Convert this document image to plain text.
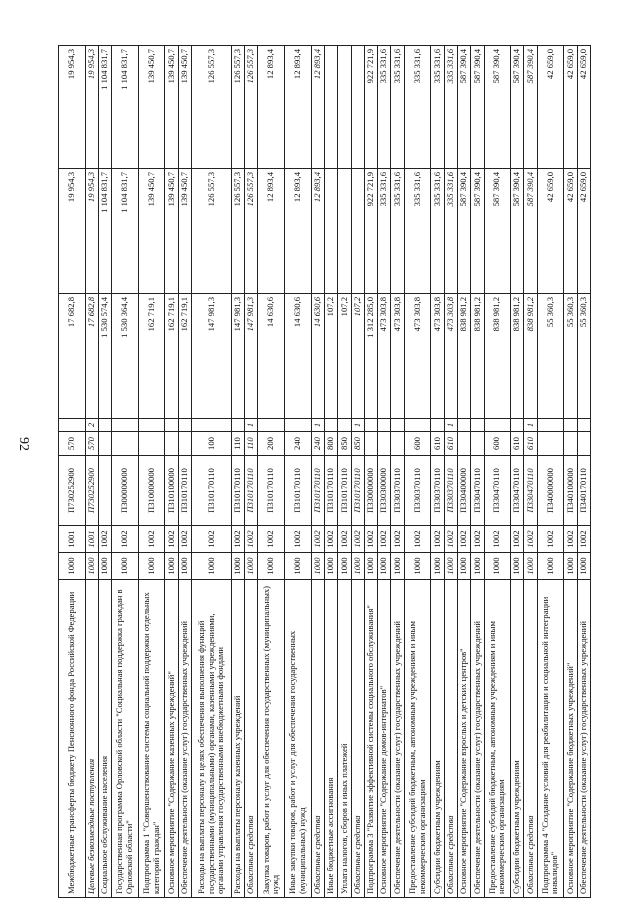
92
Межбюджетные трансферты бюджету Пенсионного фонда Российской Федерации	1000	1001	П730252900	570		17 682,8	19 954,3	19 954,3
Целевые безвозмездные поступления	1000	1001	П730252900	570	2	17 682,8	19 954,3	19 954,3
Социальное обслуживание населения	1000	1002				1 530 574,4	1 104 831,7	1 104 831,7
Государственная программа Орловской области "Социальная поддержка граждан в Орловской области"	1000	1002	П300000000			1 530 364,4	1 104 831,7	1 104 831,7
Подпрограмма 1 "Совершенствование системы социальной поддержки отдельных категорий граждан"	1000	1002	П310000000			162 719,1	139 450,7	139 450,7
Основное мероприятие "Содержание казенных учреждений"	1000	1002	П310100000			162 719,1	139 450,7	139 450,7
Обеспечение деятельности (оказание услуг) государственных учреждений	1000	1002	П310170110			162 719,1	139 450,7	139 450,7
Расходы на выплаты персоналу в целях обеспечения выполнения функций государственными (муниципальными) органами, казенными учреждениями, органами управления государственными внебюджетными фондами	1000	1002	П310170110	100		147 981,3	126 557,3	126 557,3
Расходы на выплаты персоналу казенных учреждений	1000	1002	П310170110	110		147 981,3	126 557,3	126 557,3
Областные средства	1000	1002	П310170110	110	1	147 981,3	126 557,3	126 557,3
Закупка товаров, работ и услуг для обеспечения государственных (муниципальных) нужд	1000	1002	П310170110	200		14 630,6	12 893,4	12 893,4
Иные закупки товаров, работ и услуг для обеспечения государственных (муниципальных) нужд	1000	1002	П310170110	240		14 630,6	12 893,4	12 893,4
Областные средства	1000	1002	П310170110	240	1	14 630,6	12 893,4	12 893,4
Иные бюджетные ассигнования	1000	1002	П310170110	800		107,2		
Уплата налогов, сборов и иных платежей	1000	1002	П310170110	850		107,2		
Областные средства	1000	1002	П310170110	850	1	107,2		
Подпрограмма 3 "Развитие эффективной системы социального обслуживания"	1000	1002	П330000000			1 312 285,0	922 721,9	922 721,9
Основное мероприятие "Содержание домов-интернатов"	1000	1002	П330300000			473 303,8	335 331,6	335 331,6
Обеспечение деятельности (оказание услуг) государственных учреждений	1000	1002	П330370110			473 303,8	335 331,6	335 331,6
Предоставление субсидий бюджетным, автономным учреждениям и иным некоммерческим организациям	1000	1002	П330370110	600		473 303,8	335 331,6	335 331,6
Субсидии бюджетным учреждениям	1000	1002	П330370110	610		473 303,8	335 331,6	335 331,6
Областные средства	1000	1002	П330370110	610	1	473 303,8	335 331,6	335 331,6
Основное мероприятие "Содержание взрослых и детских центров"	1000	1002	П330400000			838 981,2	587 390,4	587 390,4
Обеспечение деятельности (оказание услуг) государственных учреждений	1000	1002	П330470110			838 981,2	587 390,4	587 390,4
Предоставление субсидий бюджетным, автономным учреждениям и иным некоммерческим организациям	1000	1002	П330470110	600		838 981,2	587 390,4	587 390,4
Субсидии бюджетным учреждениям	1000	1002	П330470110	610		838 981,2	587 390,4	587 390,4
Областные средства	1000	1002	П330470110	610	1	838 981,2	587 390,4	587 390,4
Подпрограмма 4 "Создание условий для реабилитации и социальной интеграции инвалидов"	1000	1002	П340000000			55 360,3	42 659,0	42 659,0
Основное мероприятие "Содержание бюджетных учреждений"	1000	1002	П340100000			55 360,3	42 659,0	42 659,0
Обеспечение деятельности (оказание услуг) государственных учреждений	1000	1002	П340170110			55 360,3	42 659,0	42 659,0
